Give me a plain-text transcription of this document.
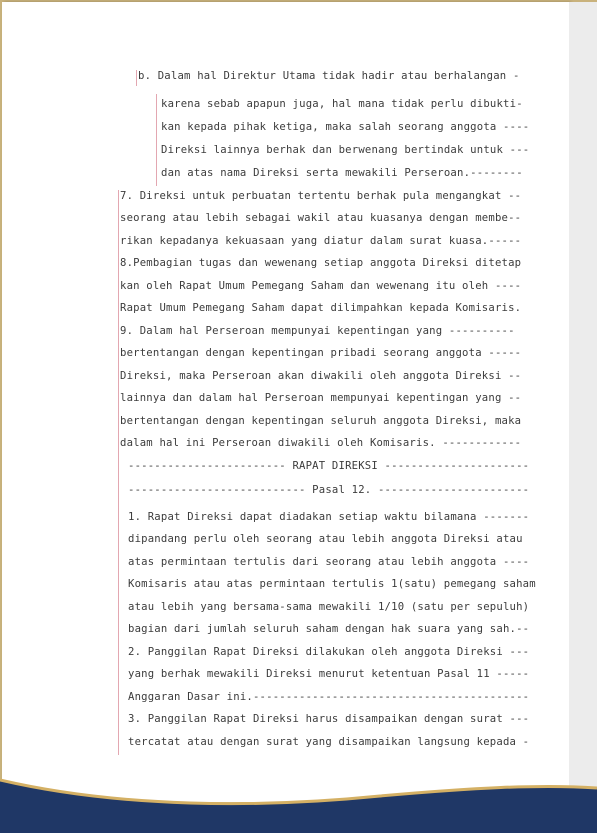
b. Dalam hal Direktur Utama tidak hadir atau berhalangan -
karena sebab apapun juga, hal mana tidak perlu dibukti-
kan kepada pihak ketiga, maka salah seorang anggota ----
Direksi lainnya berhak dan berwenang bertindak untuk ---
dan atas nama Direksi serta mewakili Perseroan.--------
7. Direksi untuk perbuatan tertentu berhak pula mengangkat --
seorang atau lebih sebagai wakil atau kuasanya dengan membe--
rikan kepadanya kekuasaan yang diatur dalam surat kuasa.-----
8.Pembagian tugas dan wewenang setiap anggota Direksi ditetap
kan oleh Rapat Umum Pemegang Saham dan wewenang itu oleh ----
Rapat Umum Pemegang Saham dapat dilimpahkan kepada Komisaris.
9. Dalam hal Perseroan mempunyai kepentingan yang ----------
bertentangan dengan kepentingan pribadi seorang anggota -----
Direksi, maka Perseroan akan diwakili oleh anggota Direksi --
lainnya dan dalam hal Perseroan mempunyai kepentingan yang --
bertentangan dengan kepentingan seluruh anggota Direksi, maka
dalam hal ini Perseroan diwakili oleh Komisaris. ------------
------------------------ RAPAT DIREKSI ----------------------
--------------------------- Pasal 12. -----------------------
1. Rapat Direksi dapat diadakan setiap waktu bilamana -------
dipandang perlu oleh seorang atau lebih anggota Direksi atau
atas permintaan tertulis dari seorang atau lebih anggota ----
Komisaris atau atas permintaan tertulis 1(satu) pemegang saham
atau lebih yang bersama-sama mewakili 1/10 (satu per sepuluh)
bagian dari jumlah seluruh saham dengan hak suara yang sah.--
2. Panggilan Rapat Direksi dilakukan oleh anggota Direksi ---
yang berhak mewakili Direksi menurut ketentuan Pasal 11 -----
Anggaran Dasar ini.------------------------------------------
3. Panggilan Rapat Direksi harus disampaikan dengan surat ---
tercatat atau dengan surat yang disampaikan langsung kepada -
